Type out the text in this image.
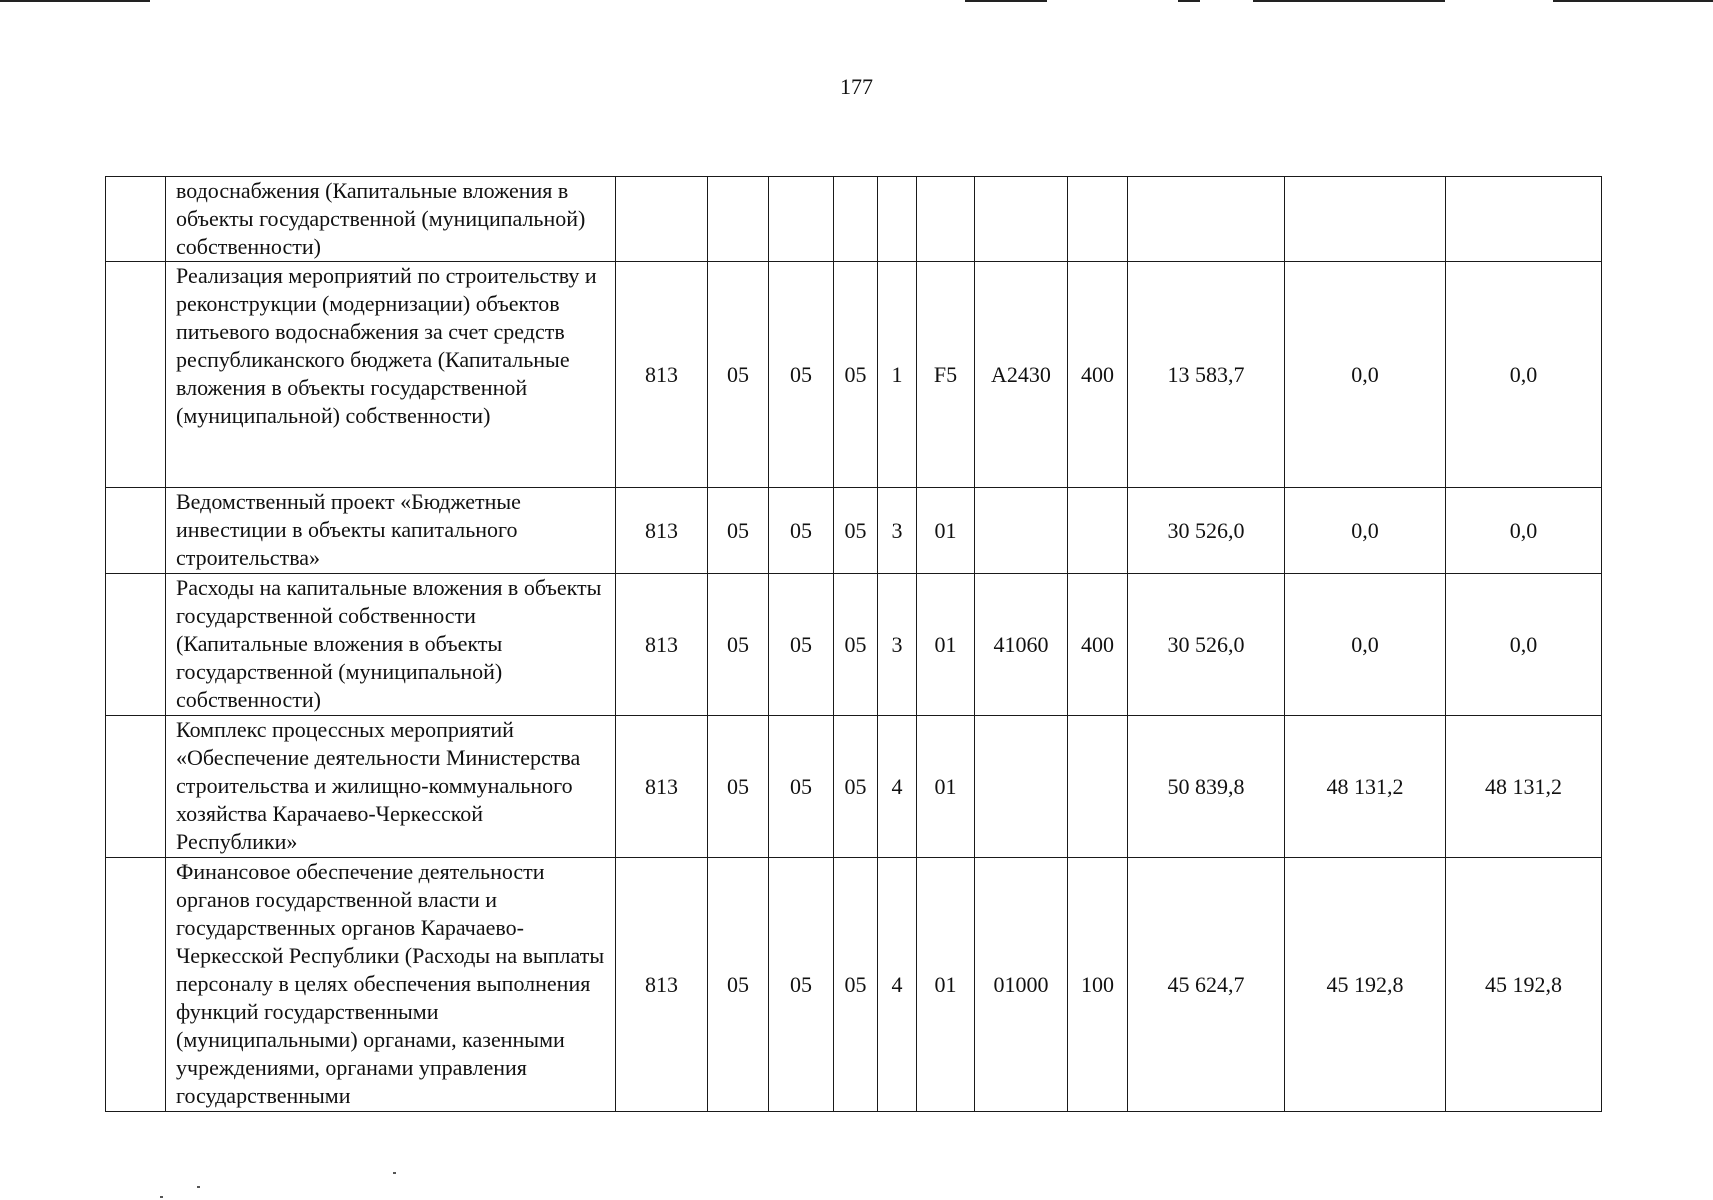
177
	водоснабжения (Капитальные вложения в объекты государственной (муниципальной) собственности)											
	Реализация мероприятий по строительству и реконструкции (модернизации) объектов питьевого водоснабжения за счет средств республиканского бюджета (Капитальные вложения в объекты государственной (муниципальной) собственности)	813	05	05	05	1	F5	A2430	400	13 583,7	0,0	0,0
	Ведомственный проект «Бюджетные инвестиции в объекты капитального строительства»	813	05	05	05	3	01			30 526,0	0,0	0,0
	Расходы на капитальные вложения в объекты государственной собственности (Капитальные вложения в объекты государственной (муниципальной) собственности)	813	05	05	05	3	01	41060	400	30 526,0	0,0	0,0
	Комплекс процессных мероприятий «Обеспечение деятельности Министерства строительства и жилищно-коммунального хозяйства Карачаево-Черкесской Республики»	813	05	05	05	4	01			50 839,8	48 131,2	48 131,2
	Финансовое обеспечение деятельности органов государственной власти и государственных органов Карачаево-Черкесской Республики (Расходы на выплаты персоналу в целях обеспечения выполнения функций государственными (муниципальными) органами, казенными учреждениями, органами управления государственными	813	05	05	05	4	01	01000	100	45 624,7	45 192,8	45 192,8
